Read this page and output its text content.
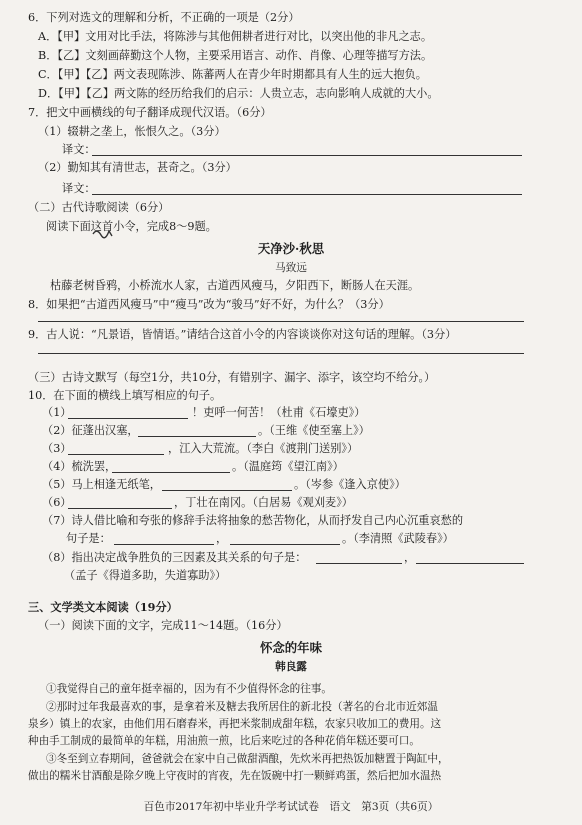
6．下列对选文的理解和分析，不正确的一项是（2分）
A．【甲】文用对比手法，将陈涉与其他佣耕者进行对比，以突出他的非凡之志。
B．【乙】文刻画薛勤这个人物，主要采用语言、动作、肖像、心理等描写方法。
C．【甲】【乙】两文表现陈涉、陈蕃两人在青少年时期都具有人生的远大抱负。
D．【甲】【乙】两文陈的经历给我们的启示：人贵立志，志向影响人成就的大小。
7．把文中画横线的句子翻译成现代汉语。（6分）
（1）辍耕之垄上，怅恨久之。（3分）
译文：
（2）勤知其有清世志，甚奇之。（3分）
译文：
（二）古代诗歌阅读（6分）
阅读下面这首小令，完成8～9题。
天净沙·秋思
马致远
枯藤老树昏鸦，小桥流水人家，古道西风瘦马，夕阳西下，断肠人在天涯。
8．如果把“古道西风瘦马”中“瘦马”改为“骏马”好不好，为什么？（3分）
9．古人说：“凡景语，皆情语。”请结合这首小令的内容谈谈你对这句话的理解。（3分）
（三）古诗文默写（每空1分，共10分，有错别字、漏字、添字，该空均不给分。）
10．在下面的横线上填写相应的句子。
（1）	！吏呼一何苦！（杜甫《石壕吏》）
（2）征蓬出汉塞，	。（王维《使至塞上》）
（3）	，江入大荒流。（李白《渡荆门送别》）
（4）梳洗罢，	。（温庭筠《望江南》）
（5）马上相逢无纸笔，	。（岑参《逢入京使》）
（6）	，丁壮在南冈。（白居易《观刈麦》）
（7）诗人借比喻和夸张的修辞手法将抽象的愁苦物化，从而抒发自己内心沉重哀愁的
句子是：	，	。（李清照《武陵春》）
（8）指出决定战争胜负的三因素及其关系的句子是：	，
（孟子《得道多助，失道寡助》）
三、文学类文本阅读（19分）
（一）阅读下面的文字，完成11～14题。（16分）
怀念的年味
韩良露
①我觉得自己的童年挺幸福的，因为有不少值得怀念的往事。
②那时过年我最喜欢的事，是拿着米及糖去我所居住的新北投（著名的台北市近郊温
泉乡）镇上的农家，由他们用石磨舂米，再把米浆制成甜年糕，农家只收加工的费用。这
种由手工制成的最简单的年糕，用油煎一煎，比后来吃过的各种花俏年糕还要可口。
③冬至到立春期间，爸爸就会在家中自己做甜酒酿，先炊米再把热饭加糖置于陶缸中，
做出的糯米甘酒酿是除夕晚上守夜时的宵夜，先在饭碗中打一颗鲜鸡蛋，然后把加水温热
百色市2017年初中毕业升学考试试卷　语文　第3页（共6页）
